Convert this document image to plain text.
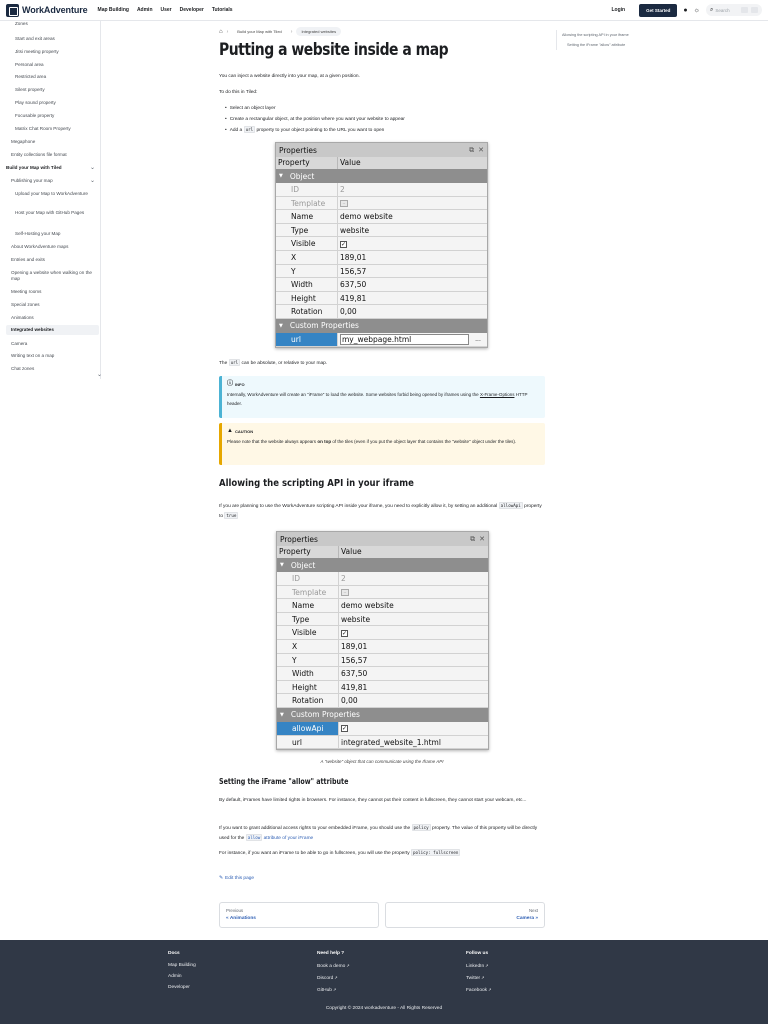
WorkAdventure Map Building Admin User Developer Tutorials	Login	Get Started	● ☼ ⌕ Search
Zones
Start and exit areas
Jitsi meeting property
Personal area
Restricted area
Silent property
Play sound property
Focusable property
Matrix Chat Room Property
Megaphone
Entity collections file format
Build your Map with Tiled	⌄
Publishing your map	⌄
Upload your Map to WorkAdventure
Host your Map with GitHub Pages
Self-Hosting your Map
About WorkAdventure maps
Entries and exits
Opening a website when walking on the map
Meeting rooms
Special zones
Animations
Integrated websites
Camera
Writing text on a map
Chat zones
⌄
⌂ ›	Build your Map with Tiled	›	Integrated websites
Putting a website inside a map

You can inject a website directly into your map, at a given position.

To do this in Tiled:

• Select an object layer
• Create a rectangular object, at the position where you want your website to appear
• Add a url property to your object pointing to the URL you want to open
Properties	⧉ ✕
Property	Value
▼ Object
ID	2
Template	..
Name	demo website
Type	website
Visible	✓
X	189,01
Y	156,57
Width	637,50
Height	419,81
Rotation	0,00
▼ Custom Properties
url	my_webpage.html	...

The url can be absolute, or relative to your map.

ⓘ INFO
Internally, WorkAdventure will create an "iFrame" to load the website. Some websites forbid being opened by iframes using the X-Frame-Options HTTP header.
▲ CAUTION
Please note that the website always appears on top of the tiles (even if you put the object layer that contains the "website" object under the tiles).
Allowing the scripting API in your iframe

If you are planning to use the WorkAdventure scripting API inside your iframe, you need to explicitly allow it, by setting an additional allowApi property to true

Properties	⧉ ✕
Property	Value
▼ Object
ID	2
Template	..
Name	demo website
Type	website
Visible	✓
X	189,01
Y	156,57
Width	637,50
Height	419,81
Rotation	0,00
▼ Custom Properties
allowApi	✓
url	integrated_website_1.html

A "website" object that can communicate using the Iframe API

Setting the iFrame "allow" attribute

By default, iFrames have limited rights in browsers. For instance, they cannot put their content in fullscreen, they cannot start your webcam, etc...

If you want to grant additional access rights to your embedded iFrame, you should use the policy property. The value of this property will be directly used for the allow attribute of your iFrame

For instance, if you want an iFrame to be able to go in fullscreen, you will use the property policy: fullscreen

✎ Edit this page
Previous
« Animations
Next
Camera »
Allowing the scripting API in your iframe
Setting the iFrame "allow" attribute
Docs
Map Building
Admin
Developer
Need help ?
Book a demo↗
Discord↗
GitHub↗
Follow us
LinkedIn↗
Twitter↗
Facebook↗
Copyright © 2024 workadventure - All Rights Reserved
